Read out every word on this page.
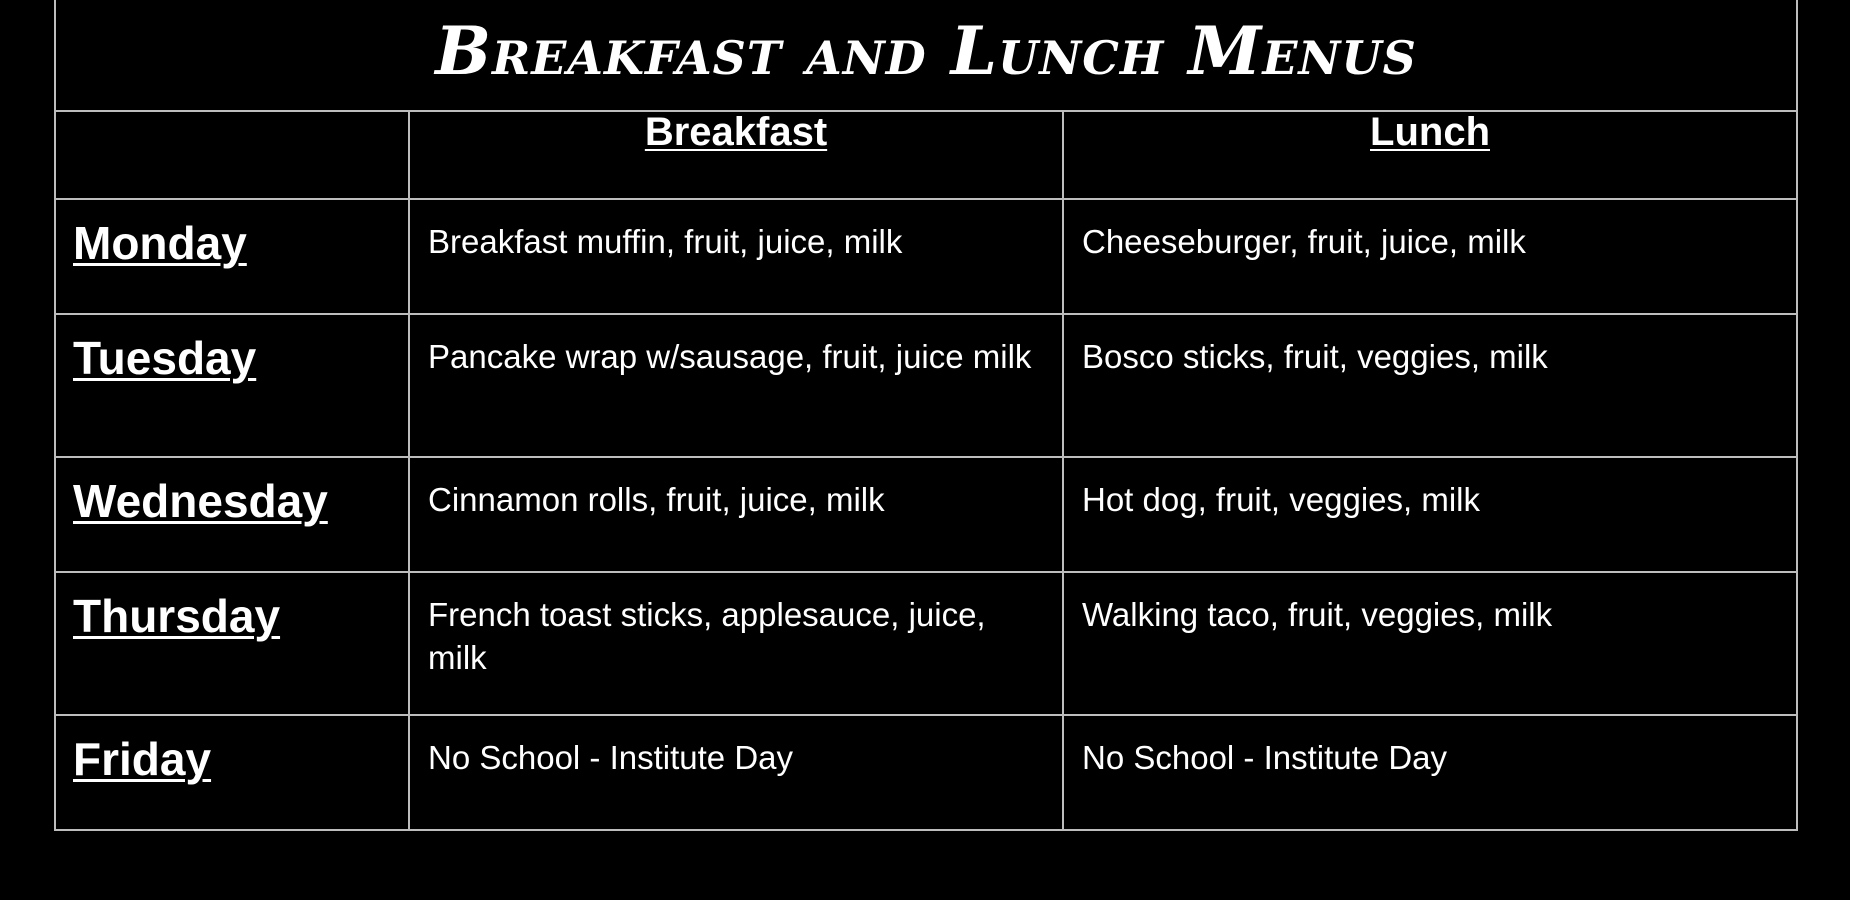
Breakfast and Lunch Menus		
	Breakfast	Lunch
Monday	Breakfast muffin, fruit, juice, milk	Cheeseburger, fruit, juice, milk
Tuesday	Pancake wrap w/sausage, fruit, juice milk	Bosco sticks, fruit, veggies, milk
Wednesday	Cinnamon rolls, fruit, juice, milk	Hot dog, fruit, veggies, milk
Thursday	French toast sticks, applesauce, juice, milk	Walking taco, fruit, veggies, milk
Friday	No School - Institute Day	No School - Institute Day
